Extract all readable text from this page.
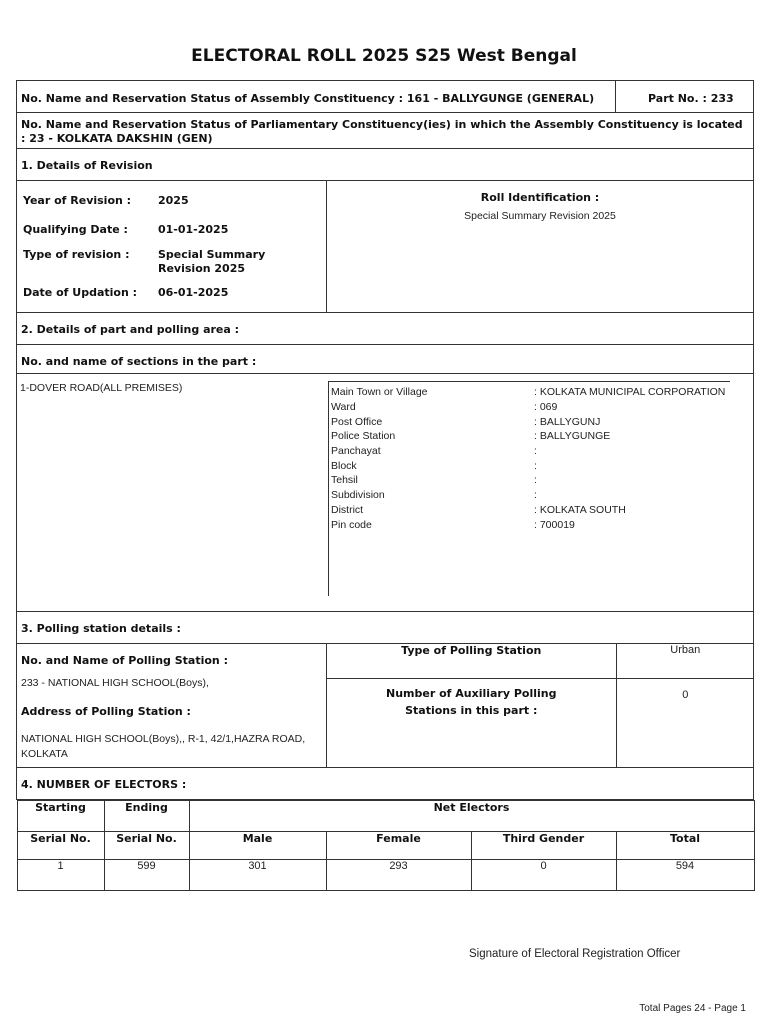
ELECTORAL ROLL 2025 S25 West Bengal
No. Name and Reservation Status of Assembly Constituency : 161 - BALLYGUNGE (GENERAL)	Part No. : 233
No. Name and Reservation Status of Parliamentary Constituency(ies) in which the Assembly Constituency is located : 23 - KOLKATA DAKSHIN (GEN)
1. Details of Revision

Year of Revision :	2025
Qualifying Date :	01-01-2025
Type of revision :	Special Summary Revision 2025
Date of Updation :	06-01-2025

Roll Identification :
Special Summary Revision 2025

2. Details of part and polling area :

No. and name of sections in the part :
1-DOVER ROAD(ALL PREMISES)	Main Town or Village	: KOLKATA MUNICIPAL CORPORATION
Ward	: 069
Post Office	: BALLYGUNJ
Police Station	: BALLYGUNGE
Panchayat	:
Block	:
Tehsil	:
Subdivision	:
District	: KOLKATA SOUTH
Pin code	: 700019

3. Polling station details :

No. and Name of Polling Station :
233 - NATIONAL HIGH SCHOOL(Boys),
Address of Polling Station :
NATIONAL HIGH SCHOOL(Boys),, R-1, 42/1,HAZRA ROAD, KOLKATA

Type of Polling Station	Urban
Number of Auxiliary Polling Stations in this part :	0

4. NUMBER OF ELECTORS :

Starting	Ending	Net Electors
Serial No.	Serial No.	Male	Female	Third Gender	Total
1	599	301	293	0	594
Signature of Electoral Registration Officer
Total Pages 24 - Page 1
